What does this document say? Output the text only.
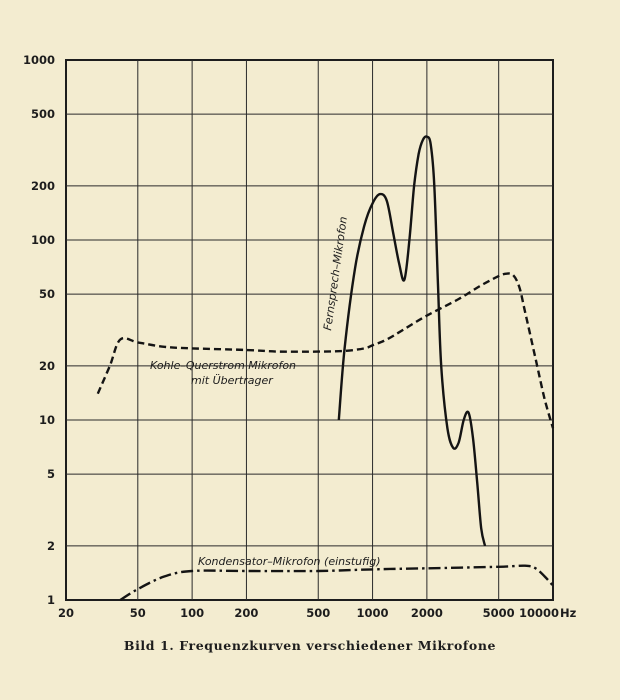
1
2
5
10
20
50
100
200
500
1000
20	50	100	200	500 1000 2000	5000 10000
Fernsprech–Mikrofon
Kohle–Querstrom Mikrofon
mit Übertrager
Kondensator–Mikrofon (einstufig)
Hz
Bild 1. Frequenzkurven verschiedener Mikrofone
